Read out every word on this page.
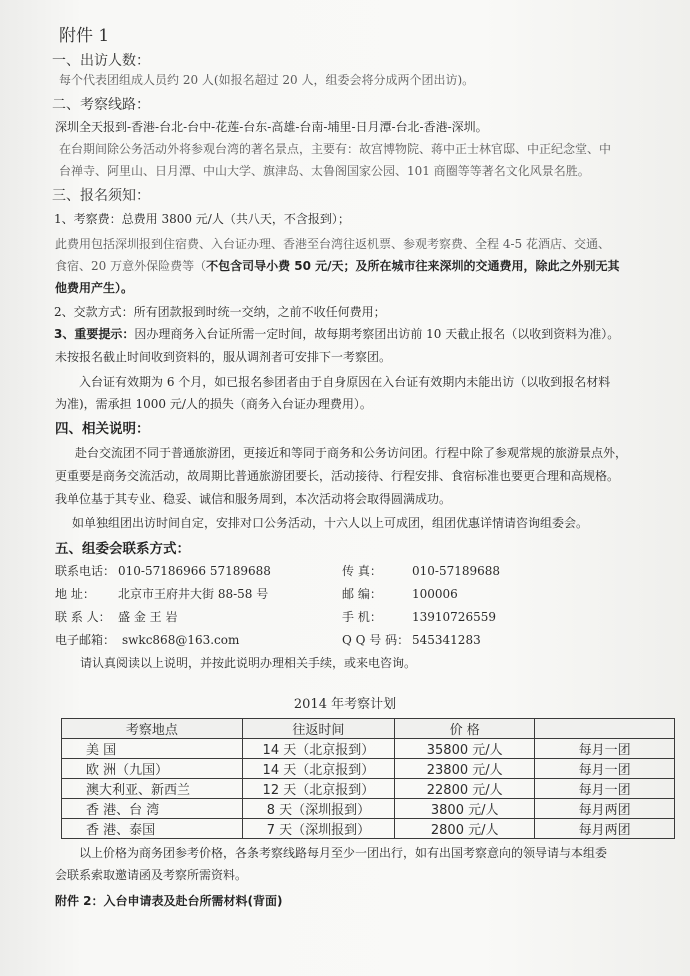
附件 1
一、出访人数：
每个代表团组成人员约 20 人(如报名超过 20 人，组委会将分成两个团出访)。
二、考察线路：
深圳全天报到-香港-台北-台中-花莲-台东-高雄-台南-埔里-日月潭-台北-香港-深圳。
在台期间除公务活动外将参观台湾的著名景点，主要有：故宫博物院、蒋中正士林官邸、中正纪念堂、中
台禅寺、阿里山、日月潭、中山大学、旗津岛、太鲁阁国家公园、101 商圈等等著名文化风景名胜。
三、报名须知：
1、考察费：总费用 3800 元/人（共八天，不含报到）；
此费用包括深圳报到住宿费、入台证办理、香港至台湾往返机票、参观考察费、全程 4-5 花酒店、交通、
食宿、20 万意外保险费等（不包含司导小费 50 元/天；及所在城市往来深圳的交通费用，除此之外别无其
他费用产生）。
2、交款方式：所有团款报到时统一交纳，之前不收任何费用；
3、重要提示：因办理商务入台证所需一定时间，故每期考察团出访前 10 天截止报名（以收到资料为准）。
未按报名截止时间收到资料的，服从调剂者可安排下一考察团。
入台证有效期为 6 个月，如已报名参团者由于自身原因在入台证有效期内未能出访（以收到报名材料
为准)，需承担 1000 元/人的损失（商务入台证办理费用）。
四、相关说明：
赴台交流团不同于普通旅游团，更接近和等同于商务和公务访问团。行程中除了参观常规的旅游景点外，
更重要是商务交流活动，故周期比普通旅游团要长，活动接待、行程安排、食宿标准也要更合理和高规格。
我单位基于其专业、稳妥、诚信和服务周到，本次活动将会取得圆满成功。
如单独组团出访时间自定，安排对口公务活动，十六人以上可成团，组团优惠详情请咨询组委会。
五、组委会联系方式：
联系电话： 010-57186966 57189688	传 真：	010-57189688
地 址： 北京市王府井大街 88-58 号	邮 编：	100006
联 系 人： 盛 金 王 岩	手 机：	13910726559
电子邮箱： swkc868@163.com	Q Q 号 码： 545341283
请认真阅读以上说明，并按此说明办理相关手续，或来电咨询。
2014 年考察计划
考察地点	往返时间	价 格	
美 国	14 天（北京报到）	35800 元/人	每月一团
欧 洲（九国）	14 天（北京报到）	23800 元/人	每月一团
澳大利亚、新西兰	12 天（北京报到）	22800 元/人	每月一团
香 港、台 湾	8 天（深圳报到）	3800 元/人	每月两团
香 港、泰国	7 天（深圳报到）	2800 元/人	每月两团
以上价格为商务团参考价格，各条考察线路每月至少一团出行，如有出国考察意向的领导请与本组委
会联系索取邀请函及考察所需资料。
附件 2：入台申请表及赴台所需材料(背面)
